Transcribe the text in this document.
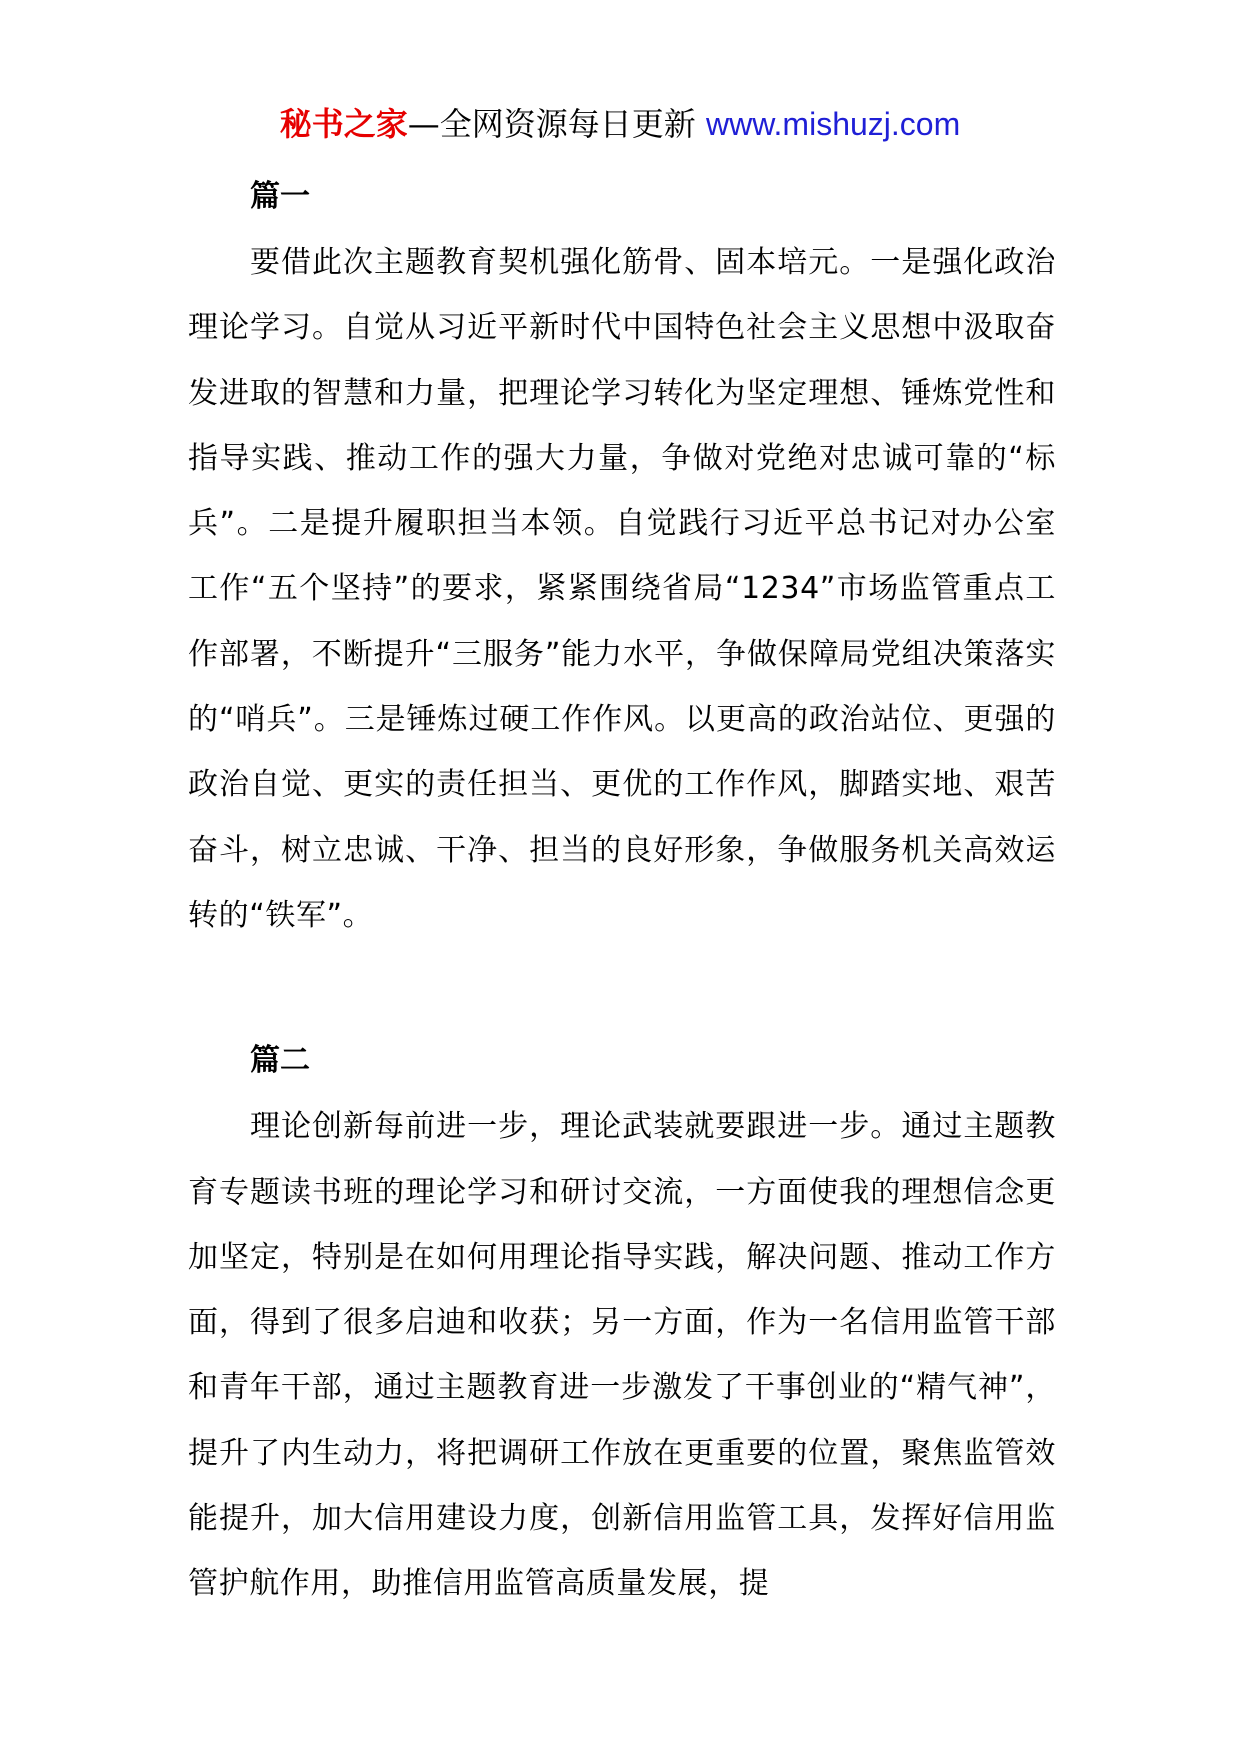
秘书之家—全网资源每日更新 www.mishuzj.com
篇一

要借此次主题教育契机强化筋骨、固本培元。一是强化政治理论学习。自觉从习近平新时代中国特色社会主义思想中汲取奋发进取的智慧和力量，把理论学习转化为坚定理想、锤炼党性和指导实践、推动工作的强大力量，争做对党绝对忠诚可靠的“标兵”。二是提升履职担当本领。自觉践行习近平总书记对办公室工作“五个坚持”的要求，紧紧围绕省局“1234”市场监管重点工作部署，不断提升“三服务”能力水平，争做保障局党组决策落实的“哨兵”。三是锤炼过硬工作作风。以更高的政治站位、更强的政治自觉、更实的责任担当、更优的工作作风，脚踏实地、艰苦奋斗，树立忠诚、干净、担当的良好形象，争做服务机关高效运转的“铁军”。

篇二

理论创新每前进一步，理论武装就要跟进一步。通过主题教育专题读书班的理论学习和研讨交流，一方面使我的理想信念更加坚定，特别是在如何用理论指导实践，解决问题、推动工作方面，得到了很多启迪和收获；另一方面，作为一名信用监管干部和青年干部，通过主题教育进一步激发了干事创业的“精气神”，提升了内生动力，将把调研工作放在更重要的位置，聚焦监管效能提升，加大信用建设力度，创新信用监管工具，发挥好信用监管护航作用，助推信用监管高质量发展，提
